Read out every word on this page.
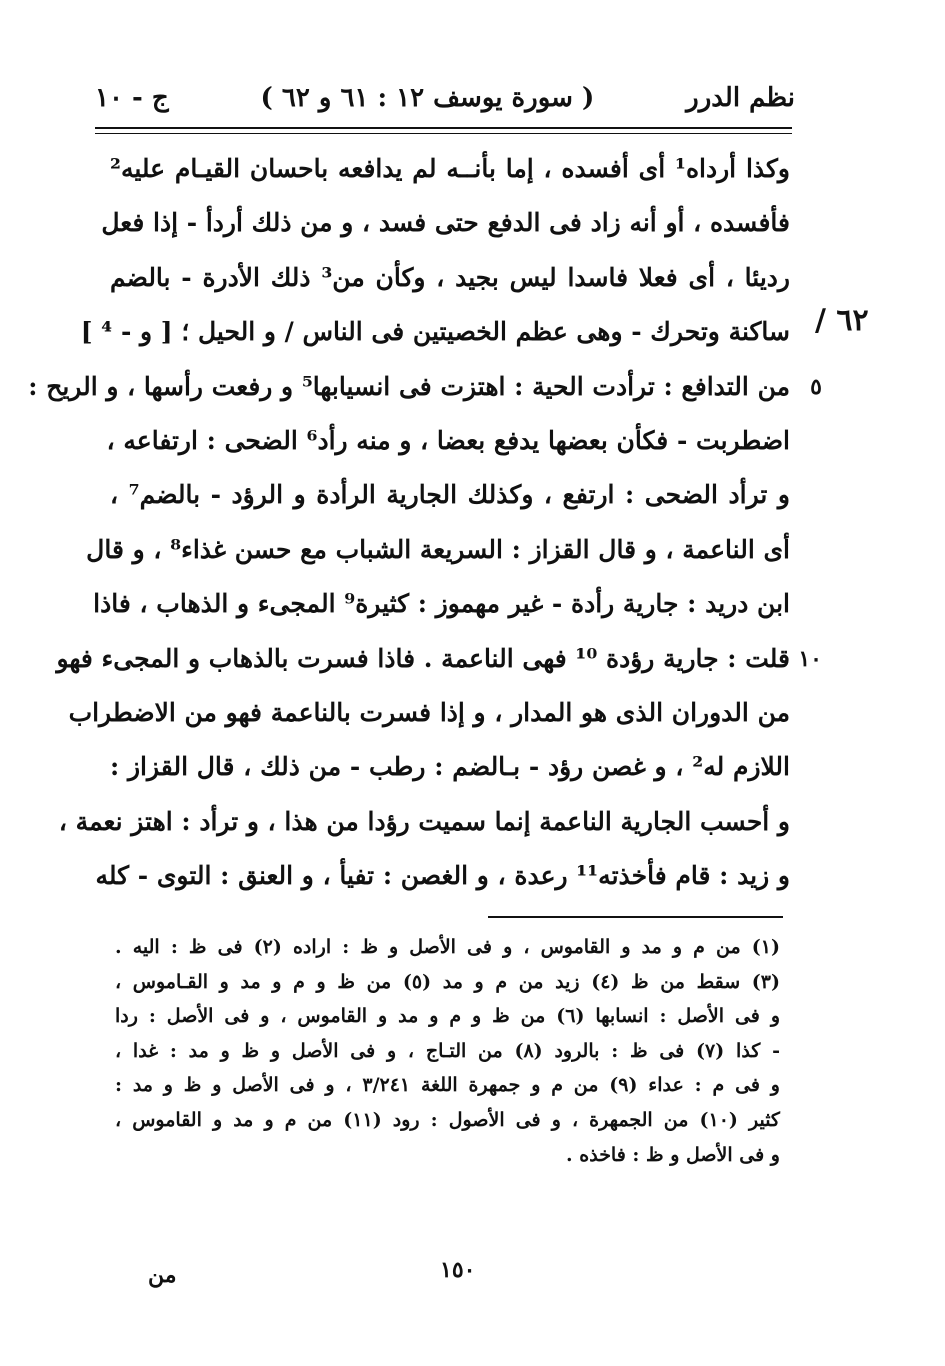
نظم الدرر
( سورة يوسف ١٢ : ٦١ و ٦٢ )
ج - ١٠
٦٢ /
وكذا أرداه¹ أى أفسده ، إما بأنــه لم يدافعه باحسان القيـام عليه²
فأفسده ، أو أنه زاد فى الدفع حتى فسد ، و من ذلك أردأ - إذا فعل
رديئا ، أى فعلا فاسدا ليس بجيد ، وكأن من³ ذلك الأدرة - بالضم
ساكنة وتحرك - وهى عظم الخصيتين فى الناس / و الحيل ؛ [ و - ⁴ ]
٥
من التدافع : ترأدت الحية : اهتزت فى انسيابها⁵ و رفعت رأسها ، و الريح :
اضطربت - فكأن بعضها يدفع بعضا ، و منه رأد⁶ الضحى : ارتفاعه ،
و ترأد الضحى : ارتفع ، وكذلك الجارية الرأدة و الرؤد - بالضم⁷ ،
أى الناعمة ، و قال القزاز : السريعة الشباب مع حسن غذاء⁸ ، و قال
ابن دريد : جارية رأدة - غير مهموز : كثيرة⁹ المجىء و الذهاب ، فاذا
١٠
قلت : جارية رؤدة ¹⁰ فهى الناعمة . فاذا فسرت بالذهاب و المجىء فهو
من الدوران الذى هو المدار ، و إذا فسرت بالناعمة فهو من الاضطراب
اللازم له² ، و غصن رؤد - بـالضم : رطب - من ذلك ، قال القزاز :
و أحسب الجارية الناعمة إنما سميت رؤدا من هذا ، و ترأد : اهتز نعمة ،
و زيد : قام فأخذته¹¹ رعدة ، و الغصن : تفيأ ، و العنق : التوى - كله
(١) من م و مد و القاموس ، و فى الأصل و ظ : اراده (٢) فى ظ : اليه .
(٣) سقط من ظ (٤) زيد من م و مد (٥) من ظ و م و مد و القـاموس ،
و فى الأصل : انسابها (٦) من ظ و م و مد و القاموس ، و فى الأصل : ردا
- كذا (٧) فى ظ : بالرود (٨) من التـاج ، و فى الأصل و ظ و مد : غدا ،
و فى م : عداء (٩) من م و جمهرة اللغة ٣/٢٤١ ، و فى الأصل و ظ و مد :
كثير (١٠) من الجمهرة ، و فى الأصول : رود (١١) من م و مد و القاموس ،
و فى الأصل و ظ : فاخذه .
١٥٠
من
